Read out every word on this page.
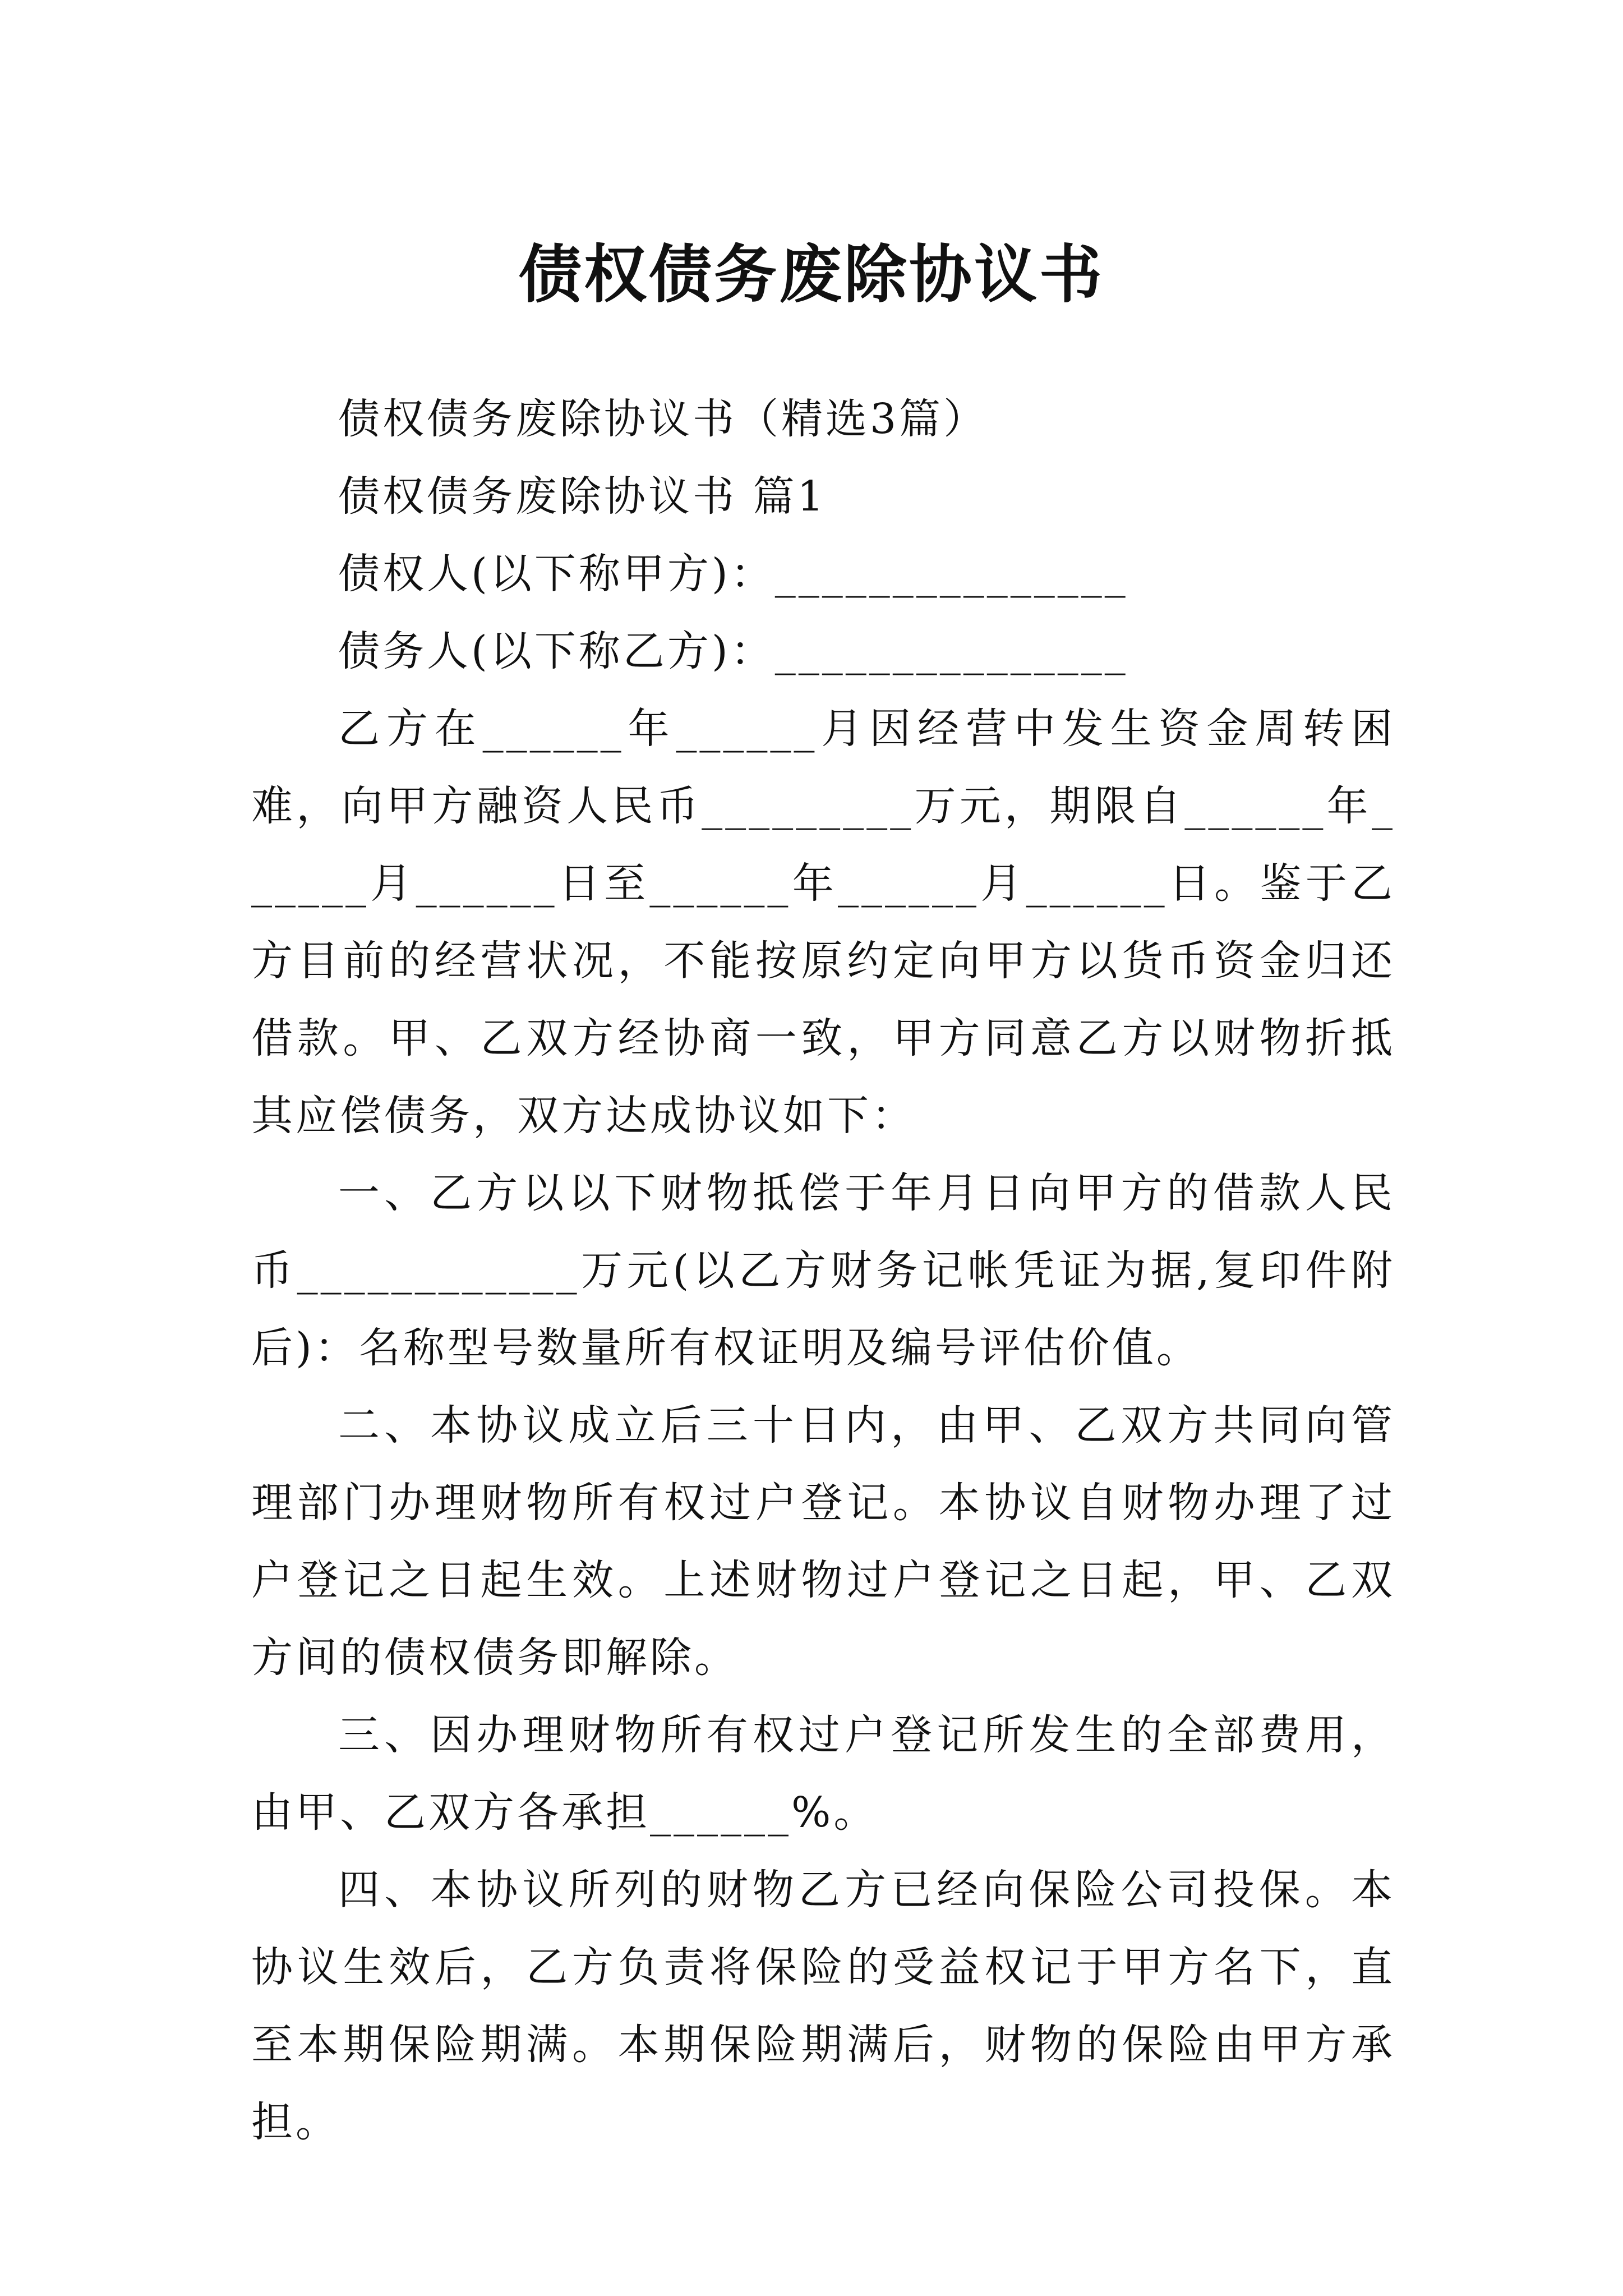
债权债务废除协议书

债权债务废除协议书（精选3篇）

债权债务废除协议书 篇1

债权人(以下称甲方)：_______________

债务人(以下称乙方)：_______________

乙方在______年______月因经营中发生资金周转困难，向甲方融资人民币_________万元，期限自______年______月______日至______年______月______日。鉴于乙方目前的经营状况，不能按原约定向甲方以货币资金归还借款。甲、乙双方经协商一致，甲方同意乙方以财物折抵其应偿债务，双方达成协议如下：

一、乙方以以下财物抵偿于年月日向甲方的借款人民币____________万元(以乙方财务记帐凭证为据,复印件附后)：名称型号数量所有权证明及编号评估价值。

二、本协议成立后三十日内，由甲、乙双方共同向管理部门办理财物所有权过户登记。本协议自财物办理了过户登记之日起生效。上述财物过户登记之日起，甲、乙双方间的债权债务即解除。

三、因办理财物所有权过户登记所发生的全部费用，由甲、乙双方各承担______%。

四、本协议所列的财物乙方已经向保险公司投保。本协议生效后，乙方负责将保险的受益权记于甲方名下，直至本期保险期满。本期保险期满后，财物的保险由甲方承担。
